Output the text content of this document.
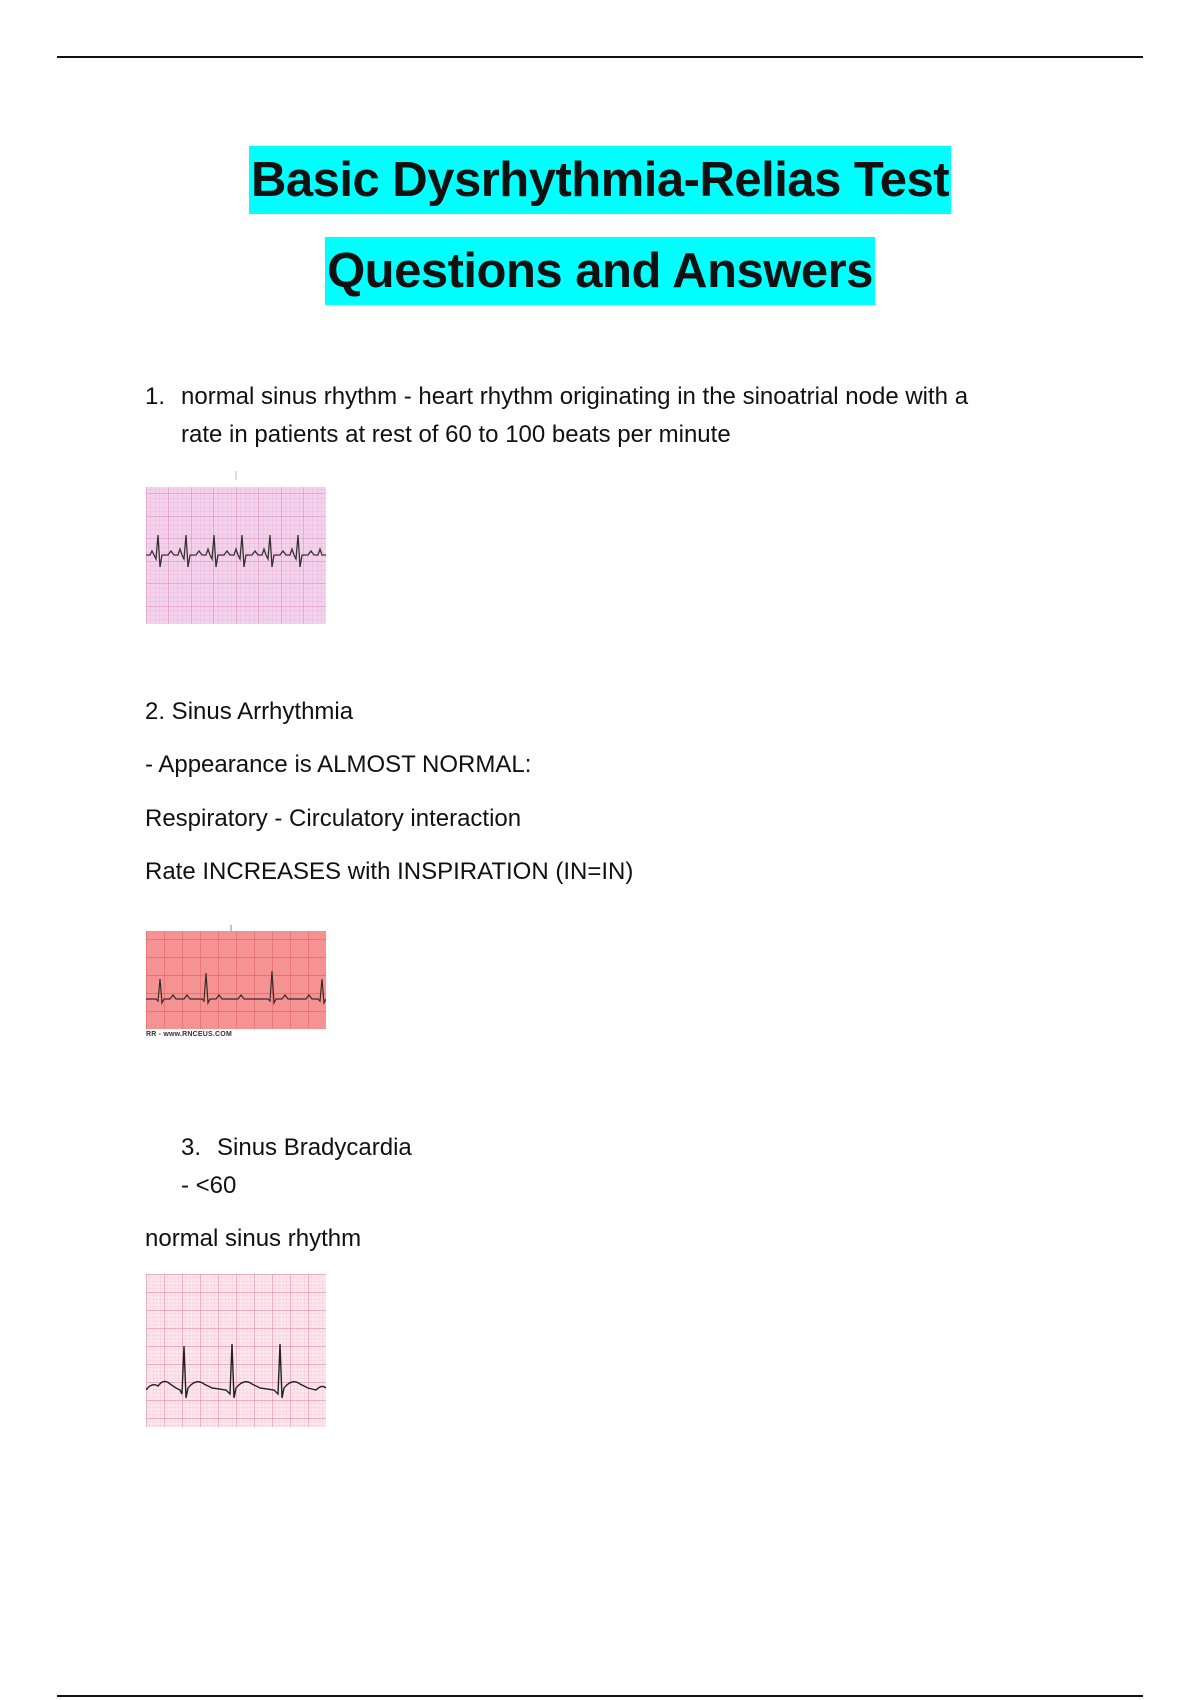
Basic Dysrhythmia-Relias Test
Questions and Answers
1. normal sinus rhythm - heart rhythm originating in the sinoatrial node with a
rate in patients at rest of 60 to 100 beats per minute
2. Sinus Arrhythmia
- Appearance is ALMOST NORMAL:
Respiratory - Circulatory interaction
Rate INCREASES with INSPIRATION (IN=IN)
RR - www.RNCEUS.COM
3. Sinus Bradycardia
- <60
normal sinus rhythm
